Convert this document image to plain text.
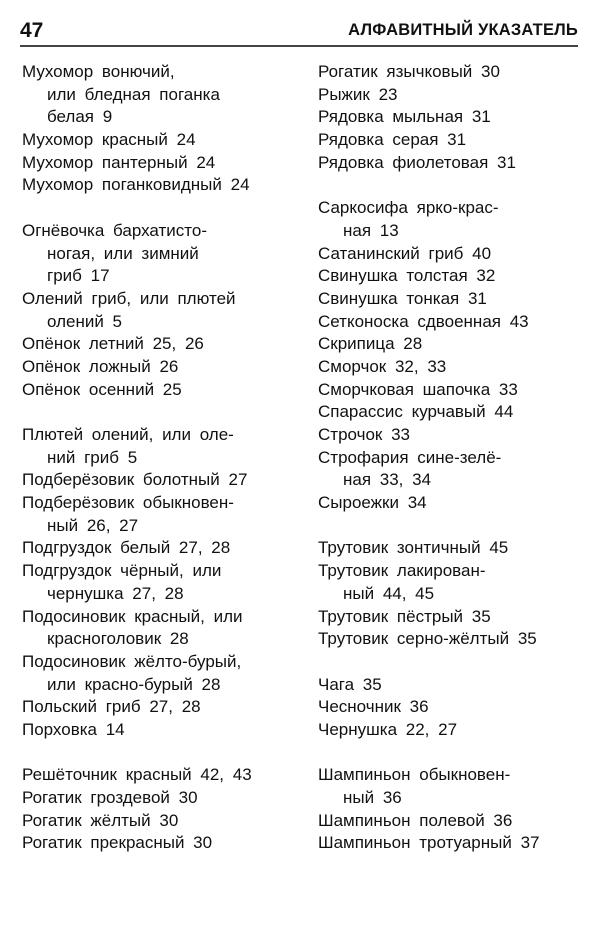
47	АЛФАВИТНЫЙ УКАЗАТЕЛЬ
Мухомор вонючий,
или бледная поганка
белая 9
Мухомор красный 24
Мухомор пантерный 24
Мухомор поганковидный 24
Огнёвочка бархатисто-
ногая, или зимний
гриб 17
Олений гриб, или плютей
олений 5
Опёнок летний 25, 26
Опёнок ложный 26
Опёнок осенний 25
Плютей олений, или оле-
ний гриб 5
Подберёзовик болотный 27
Подберёзовик обыкновен-
ный 26, 27
Подгруздок белый 27, 28
Подгруздок чёрный, или
чернушка 27, 28
Подосиновик красный, или
красноголовик 28
Подосиновик жёлто-бурый,
или красно-бурый 28
Польский гриб 27, 28
Порховка 14
Решёточник красный 42, 43
Рогатик гроздевой 30
Рогатик жёлтый 30
Рогатик прекрасный 30
Рогатик язычковый 30
Рыжик 23
Рядовка мыльная 31
Рядовка серая 31
Рядовка фиолетовая 31
Саркосифа ярко-крас-
ная 13
Сатанинский гриб 40
Свинушка толстая 32
Свинушка тонкая 31
Сетконоска сдвоенная 43
Скрипица 28
Сморчок 32, 33
Сморчковая шапочка 33
Спарассис курчавый 44
Строчок 33
Строфария сине-зелё-
ная 33, 34
Сыроежки 34
Трутовик зонтичный 45
Трутовик лакирован-
ный 44, 45
Трутовик пёстрый 35
Трутовик серно-жёлтый 35
Чага 35
Чесночник 36
Чернушка 22, 27
Шампиньон обыкновен-
ный 36
Шампиньон полевой 36
Шампиньон тротуарный 37
